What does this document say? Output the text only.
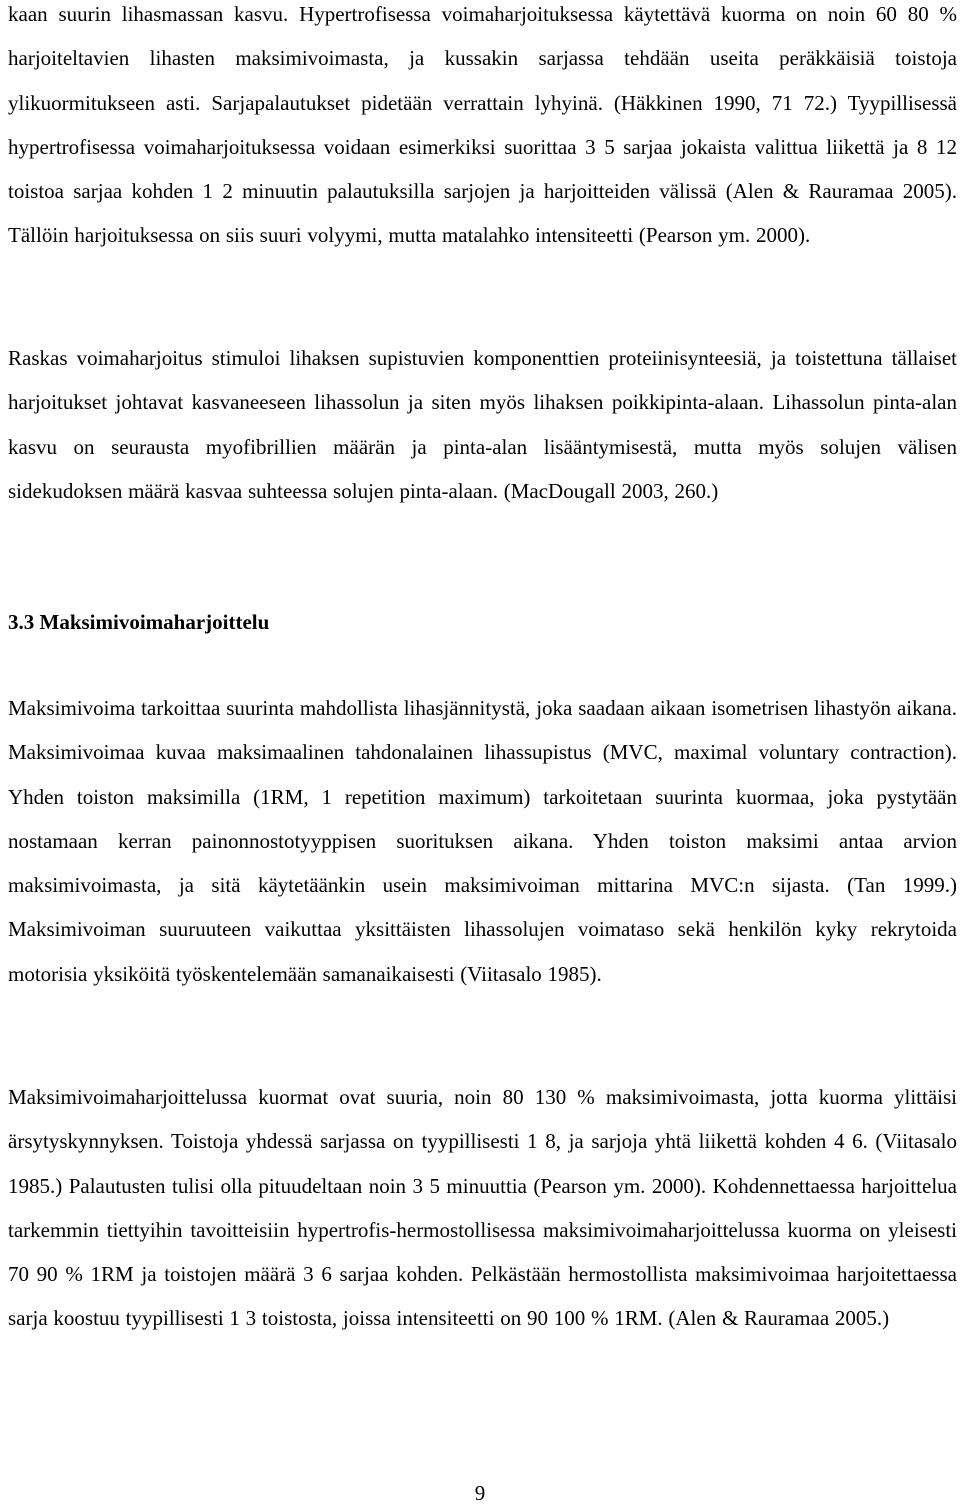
kaan suurin lihasmassan kasvu. Hypertrofisessa voimaharjoituksessa käytettävä kuorma on noin 60 80 % harjoiteltavien lihasten maksimivoimasta, ja kussakin sarjassa tehdään useita peräkkäisiä toistoja ylikuormitukseen asti. Sarjapalautukset pidetään verrattain lyhyinä. (Häkkinen 1990, 71 72.) Tyypillisessä hypertrofisessa voimaharjoituksessa voidaan esimerkiksi suorittaa 3 5 sarjaa jokaista valittua liikettä ja 8 12 toistoa sarjaa kohden 1 2 minuutin palautuksilla sarjojen ja harjoitteiden välissä (Alen & Rauramaa 2005). Tällöin harjoituksessa on siis suuri volyymi, mutta matalahko intensiteetti (Pearson ym. 2000).

Raskas voimaharjoitus stimuloi lihaksen supistuvien komponenttien proteiinisynteesiä, ja toistettuna tällaiset harjoitukset johtavat kasvaneeseen lihassolun ja siten myös lihaksen poikkipinta-alaan. Lihassolun pinta-alan kasvu on seurausta myofibrillien määrän ja pinta-alan lisääntymisestä, mutta myös solujen välisen sidekudoksen määrä kasvaa suhteessa solujen pinta-alaan. (MacDougall 2003, 260.)

3.3 Maksimivoimaharjoittelu

Maksimivoima tarkoittaa suurinta mahdollista lihasjännitystä, joka saadaan aikaan isometrisen lihastyön aikana. Maksimivoimaa kuvaa maksimaalinen tahdonalainen lihassupistus (MVC, maximal voluntary contraction). Yhden toiston maksimilla (1RM, 1 repetition maximum) tarkoitetaan suurinta kuormaa, joka pystytään nostamaan kerran painonnostotyyppisen suorituksen aikana. Yhden toiston maksimi antaa arvion maksimivoimasta, ja sitä käytetäänkin usein maksimivoiman mittarina MVC:n sijasta. (Tan 1999.) Maksimivoiman suuruuteen vaikuttaa yksittäisten lihassolujen voimataso sekä henkilön kyky rekrytoida motorisia yksiköitä työskentelemään samanaikaisesti (Viitasalo 1985).

Maksimivoimaharjoittelussa kuormat ovat suuria, noin 80 130 % maksimivoimasta, jotta kuorma ylittäisi ärsytyskynnyksen. Toistoja yhdessä sarjassa on tyypillisesti 1 8, ja sarjoja yhtä liikettä kohden 4 6. (Viitasalo 1985.) Palautusten tulisi olla pituudeltaan noin 3 5 minuuttia (Pearson ym. 2000). Kohdennettaessa harjoittelua tarkemmin tiettyihin tavoitteisiin hypertrofis-hermostollisessa maksimivoimaharjoittelussa kuorma on yleisesti 70 90 % 1RM ja toistojen määrä 3 6 sarjaa kohden. Pelkästään hermostollista maksimivoimaa harjoitettaessa sarja koostuu tyypillisesti 1 3 toistosta, joissa intensiteetti on 90 100 % 1RM. (Alen & Rauramaa 2005.)

9
